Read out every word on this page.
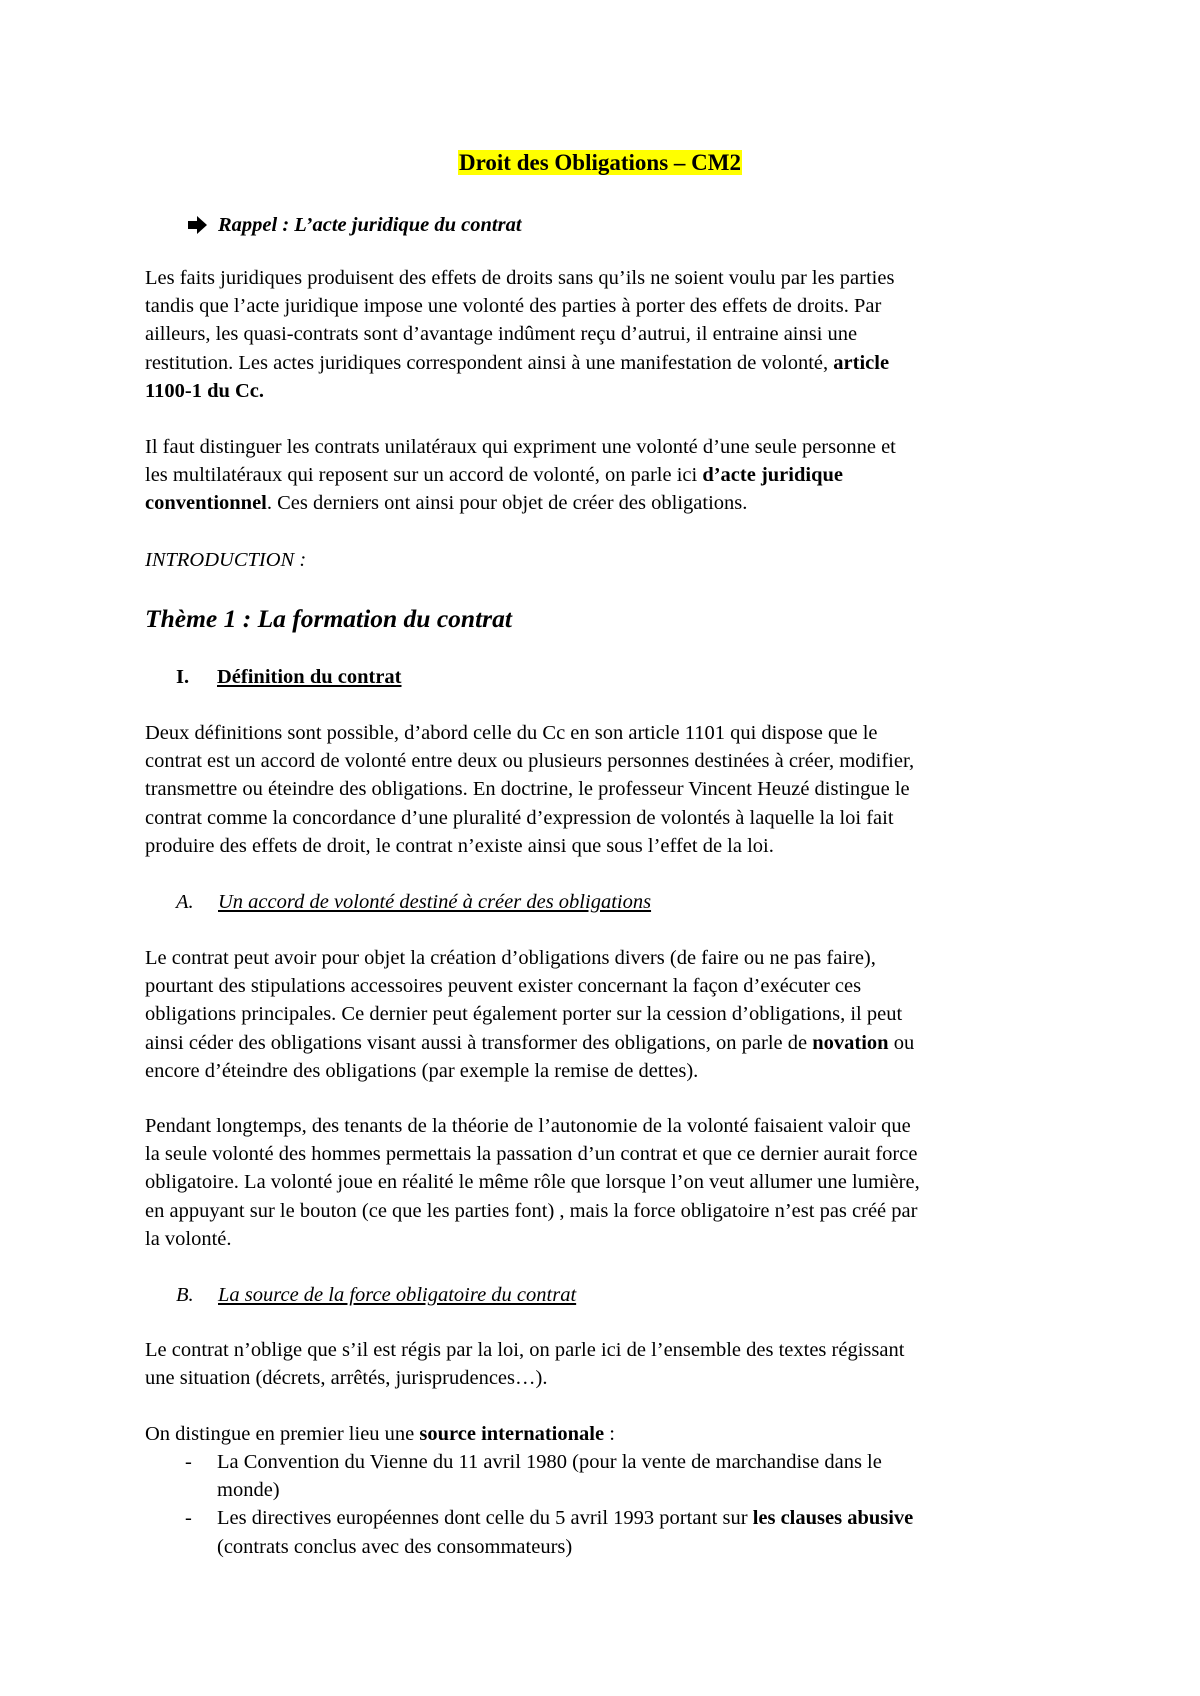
Droit des Obligations – CM2
Rappel : L’acte juridique du contrat
Les faits juridiques produisent des effets de droits sans qu’ils ne soient voulu par les parties
tandis que l’acte juridique impose une volonté des parties à porter des effets de droits. Par
ailleurs, les quasi-contrats sont d’avantage indûment reçu d’autrui, il entraine ainsi une
restitution. Les actes juridiques correspondent ainsi à une manifestation de volonté, article
1100-1 du Cc.
Il faut distinguer les contrats unilatéraux qui expriment une volonté d’une seule personne et
les multilatéraux qui reposent sur un accord de volonté, on parle ici d’acte juridique
conventionnel. Ces derniers ont ainsi pour objet de créer des obligations.
INTRODUCTION :
Thème 1 : La formation du contrat
I. Définition du contrat
Deux définitions sont possible, d’abord celle du Cc en son article 1101 qui dispose que le
contrat est un accord de volonté entre deux ou plusieurs personnes destinées à créer, modifier,
transmettre ou éteindre des obligations. En doctrine, le professeur Vincent Heuzé distingue le
contrat comme la concordance d’une pluralité d’expression de volontés à laquelle la loi fait
produire des effets de droit, le contrat n’existe ainsi que sous l’effet de la loi.
A. Un accord de volonté destiné à créer des obligations
Le contrat peut avoir pour objet la création d’obligations divers (de faire ou ne pas faire),
pourtant des stipulations accessoires peuvent exister concernant la façon d’exécuter ces
obligations principales. Ce dernier peut également porter sur la cession d’obligations, il peut
ainsi céder des obligations visant aussi à transformer des obligations, on parle de novation ou
encore d’éteindre des obligations (par exemple la remise de dettes).
Pendant longtemps, des tenants de la théorie de l’autonomie de la volonté faisaient valoir que
la seule volonté des hommes permettais la passation d’un contrat et que ce dernier aurait force
obligatoire. La volonté joue en réalité le même rôle que lorsque l’on veut allumer une lumière,
en appuyant sur le bouton (ce que les parties font) , mais la force obligatoire n’est pas créé par
la volonté.
B. La source de la force obligatoire du contrat
Le contrat n’oblige que s’il est régis par la loi, on parle ici de l’ensemble des textes régissant
une situation (décrets, arrêtés, jurisprudences…).
On distingue en premier lieu une source internationale :
-	La Convention du Vienne du 11 avril 1980 (pour la vente de marchandise dans le
monde)
-	Les directives européennes dont celle du 5 avril 1993 portant sur les clauses abusive
(contrats conclus avec des consommateurs)
